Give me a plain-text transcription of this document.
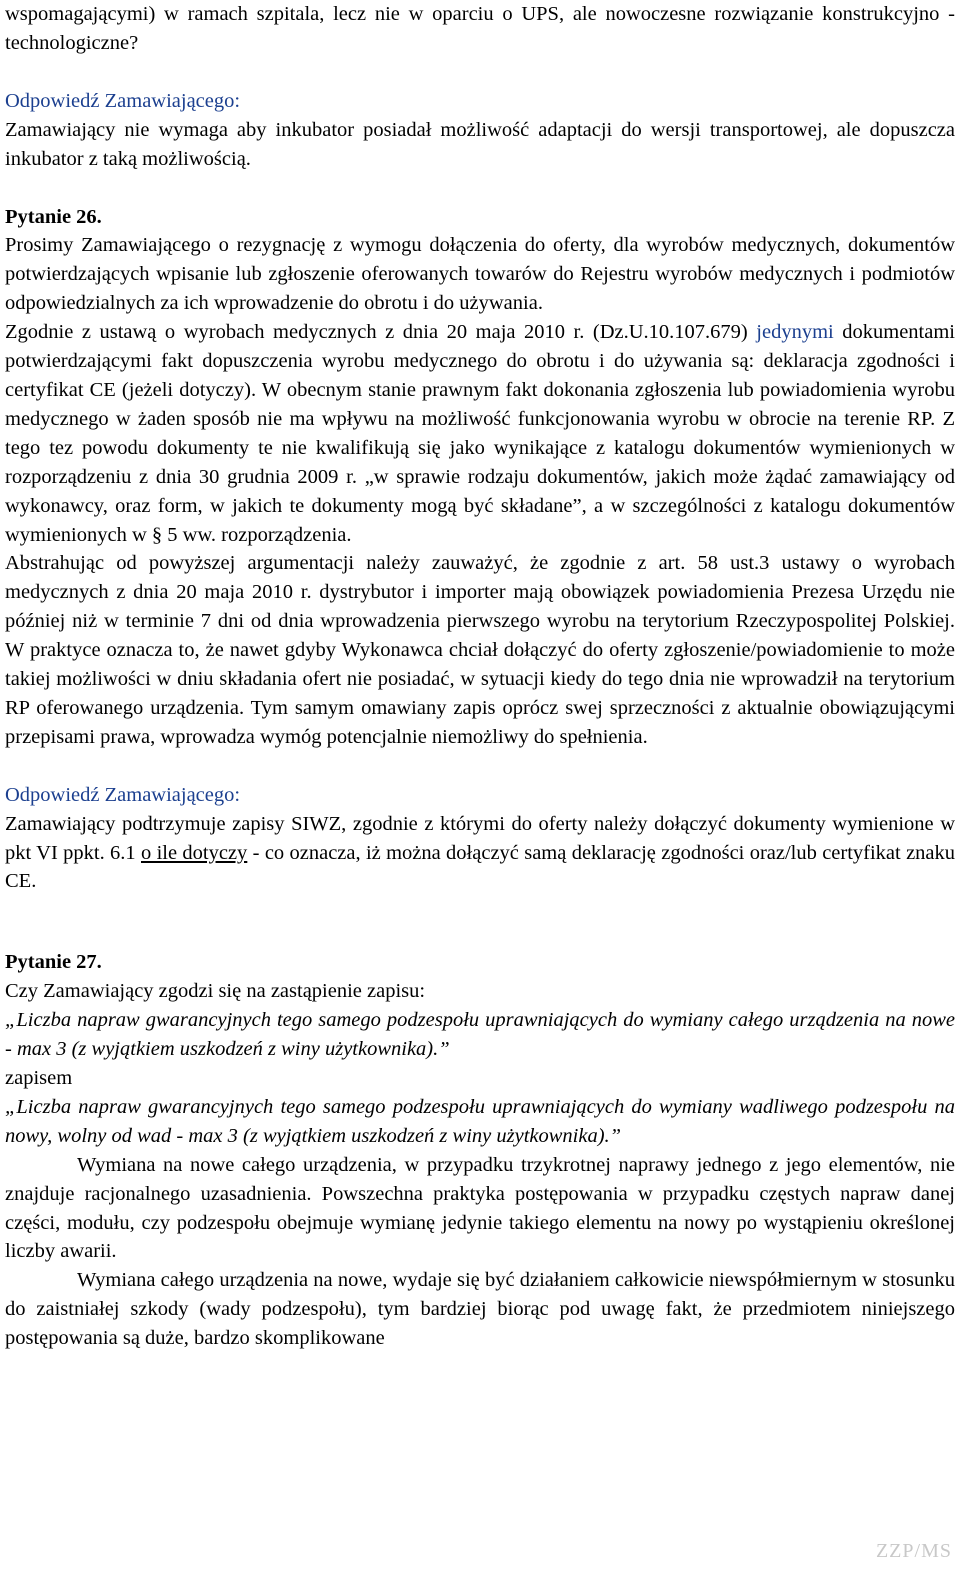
wspomagającymi) w ramach szpitala, lecz nie w oparciu o UPS, ale nowoczesne rozwiązanie konstrukcyjno - technologiczne?

Odpowiedź Zamawiającego:

Zamawiający nie wymaga aby inkubator posiadał możliwość adaptacji do wersji transportowej, ale dopuszcza inkubator z taką możliwością.

Pytanie 26.

Prosimy Zamawiającego o rezygnację z wymogu dołączenia do oferty, dla wyrobów medycznych, dokumentów potwierdzających wpisanie lub zgłoszenie oferowanych towarów do Rejestru wyrobów medycznych i podmiotów odpowiedzialnych za ich wprowadzenie do obrotu i do używania.

Zgodnie z ustawą o wyrobach medycznych z dnia 20 maja 2010 r. (Dz.U.10.107.679) jedynymi dokumentami potwierdzającymi fakt dopuszczenia wyrobu medycznego do obrotu i do używania są: deklaracja zgodności i certyfikat CE (jeżeli dotyczy). W obecnym stanie prawnym fakt dokonania zgłoszenia lub powiadomienia wyrobu medycznego w żaden sposób nie ma wpływu na możliwość funkcjonowania wyrobu w obrocie na terenie RP. Z tego tez powodu dokumenty te nie kwalifikują się jako wynikające z katalogu dokumentów wymienionych w rozporządzeniu z dnia 30 grudnia 2009 r. „w sprawie rodzaju dokumentów, jakich może żądać zamawiający od wykonawcy, oraz form, w jakich te dokumenty mogą być składane”, a w szczególności z katalogu dokumentów wymienionych w § 5 ww. rozporządzenia.

Abstrahując od powyższej argumentacji należy zauważyć, że zgodnie z art. 58 ust.3 ustawy o wyrobach medycznych z dnia 20 maja 2010 r. dystrybutor i importer mają obowiązek powiadomienia Prezesa Urzędu nie później niż w terminie 7 dni od dnia wprowadzenia pierwszego wyrobu na terytorium Rzeczypospolitej Polskiej. W praktyce oznacza to, że nawet gdyby Wykonawca chciał dołączyć do oferty zgłoszenie/powiadomienie to może takiej możliwości w dniu składania ofert nie posiadać, w sytuacji kiedy do tego dnia nie wprowadził na terytorium RP oferowanego urządzenia. Tym samym omawiany zapis oprócz swej sprzeczności z aktualnie obowiązującymi przepisami prawa, wprowadza wymóg potencjalnie niemożliwy do spełnienia.

Odpowiedź Zamawiającego:

Zamawiający podtrzymuje zapisy SIWZ, zgodnie z którymi do oferty należy dołączyć dokumenty wymienione w pkt VI ppkt. 6.1 o ile dotyczy - co oznacza, iż można dołączyć samą deklarację zgodności oraz/lub certyfikat znaku CE.

Pytanie 27.

Czy Zamawiający zgodzi się na zastąpienie zapisu:

„Liczba napraw gwarancyjnych tego samego podzespołu uprawniających do wymiany całego urządzenia na nowe - max 3 (z wyjątkiem uszkodzeń z winy użytkownika).”

zapisem

„Liczba napraw gwarancyjnych tego samego podzespołu uprawniających do wymiany wadliwego podzespołu na nowy, wolny od wad - max 3 (z wyjątkiem uszkodzeń z winy użytkownika).”

Wymiana na nowe całego urządzenia, w przypadku trzykrotnej naprawy jednego z jego elementów, nie znajduje racjonalnego uzasadnienia. Powszechna praktyka postępowania w przypadku częstych napraw danej części, modułu, czy podzespołu obejmuje wymianę jedynie takiego elementu na nowy po wystąpieniu określonej liczby awarii.

Wymiana całego urządzenia na nowe, wydaje się być działaniem całkowicie niewspółmiernym w stosunku do zaistniałej szkody (wady podzespołu), tym bardziej biorąc pod uwagę fakt, że przedmiotem niniejszego postępowania są duże, bardzo skomplikowane

ZZP/MS
